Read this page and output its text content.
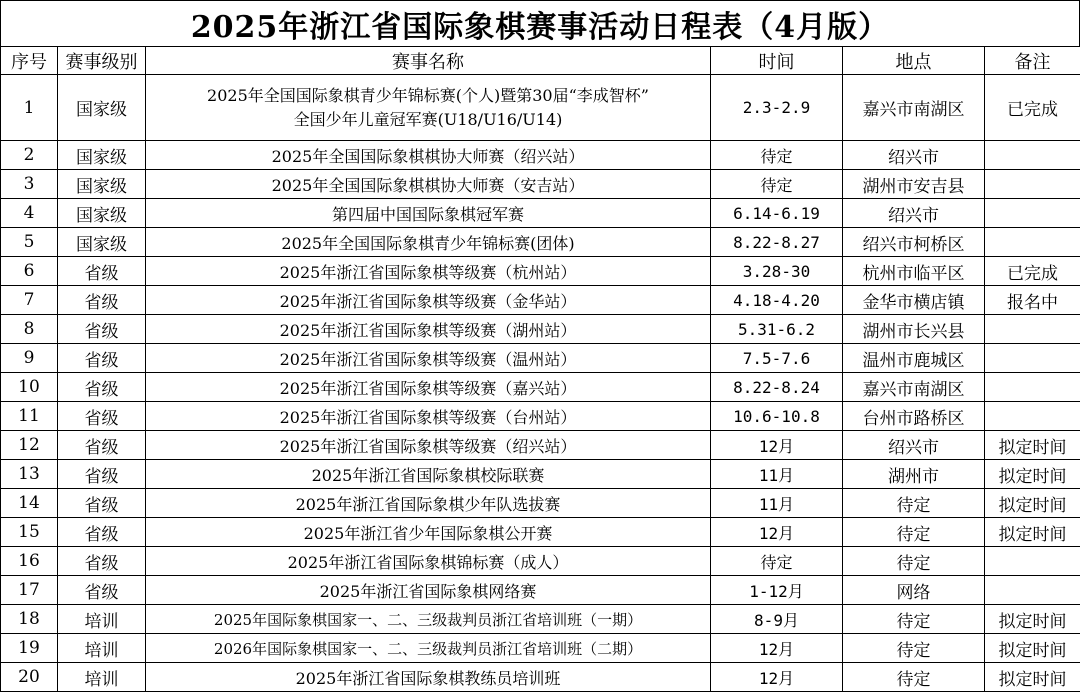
2025年浙江省国际象棋赛事活动日程表（4月版）
序号	赛事级别	赛事名称	时间	地点	备注
1	国家级	2025年全国国际象棋青少年锦标赛(个人)暨第30届“李成智杯”
全国少年儿童冠军赛(U18/U16/U14)	2.3-2.9	嘉兴市南湖区	已完成
2	国家级	2025年全国国际象棋棋协大师赛（绍兴站）	待定	绍兴市	
3	国家级	2025年全国国际象棋棋协大师赛（安吉站）	待定	湖州市安吉县	
4	国家级	第四届中国国际象棋冠军赛	6.14-6.19	绍兴市	
5	国家级	2025年全国国际象棋青少年锦标赛(团体)	8.22-8.27	绍兴市柯桥区	
6	省级	2025年浙江省国际象棋等级赛（杭州站）	3.28-30	杭州市临平区	已完成
7	省级	2025年浙江省国际象棋等级赛（金华站）	4.18-4.20	金华市横店镇	报名中
8	省级	2025年浙江省国际象棋等级赛（湖州站）	5.31-6.2	湖州市长兴县	
9	省级	2025年浙江省国际象棋等级赛（温州站）	7.5-7.6	温州市鹿城区	
10	省级	2025年浙江省国际象棋等级赛（嘉兴站）	8.22-8.24	嘉兴市南湖区	
11	省级	2025年浙江省国际象棋等级赛（台州站）	10.6-10.8	台州市路桥区	
12	省级	2025年浙江省国际象棋等级赛（绍兴站）	12月	绍兴市	拟定时间
13	省级	2025年浙江省国际象棋校际联赛	11月	湖州市	拟定时间
14	省级	2025年浙江省国际象棋少年队选拔赛	11月	待定	拟定时间
15	省级	2025年浙江省少年国际象棋公开赛	12月	待定	拟定时间
16	省级	2025年浙江省国际象棋锦标赛（成人）	待定	待定	
17	省级	2025年浙江省国际象棋网络赛	1-12月	网络	
18	培训	2025年国际象棋国家一、二、三级裁判员浙江省培训班（一期）	8-9月	待定	拟定时间
19	培训	2026年国际象棋国家一、二、三级裁判员浙江省培训班（二期）	12月	待定	拟定时间
20	培训	2025年浙江省国际象棋教练员培训班	12月	待定	拟定时间
